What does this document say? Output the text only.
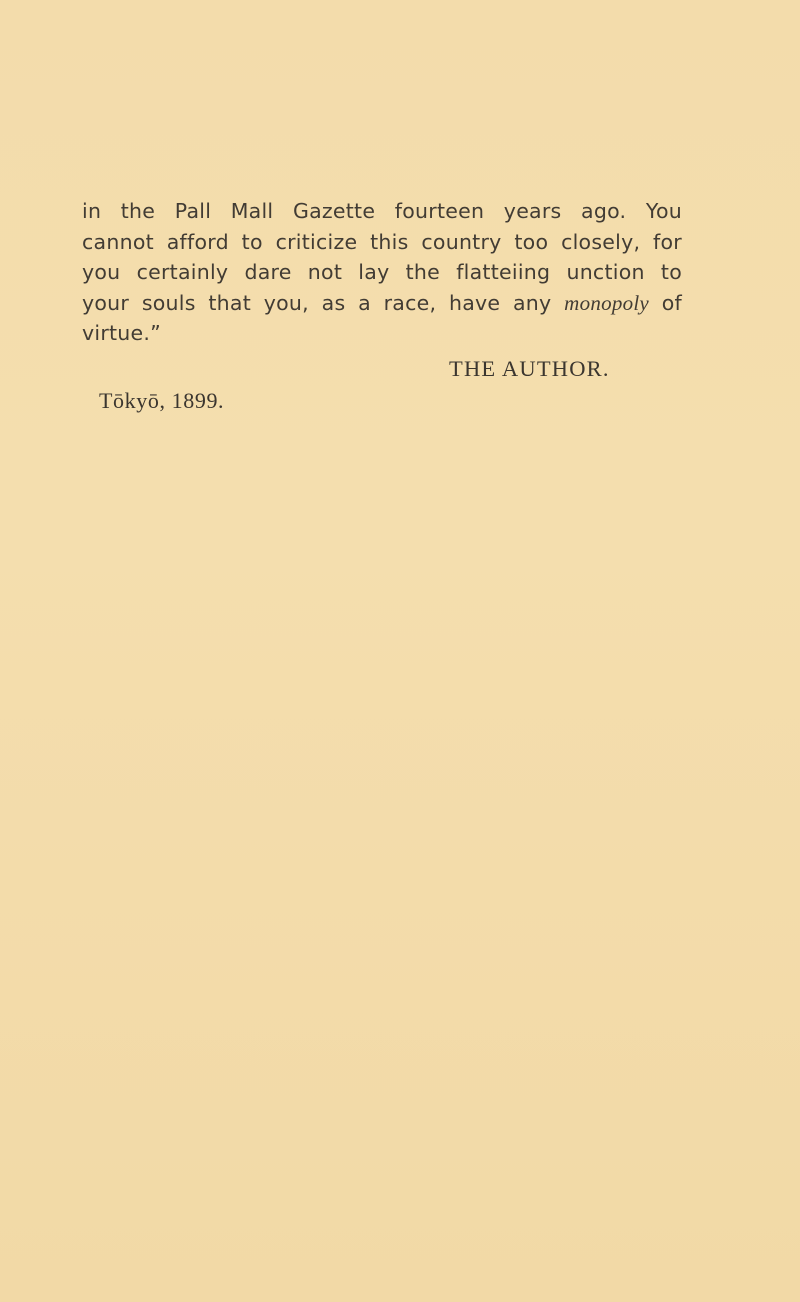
in the Pall Mall Gazette fourteen years ago. You
cannot afford to criticize this country too closely, for
you certainly dare not lay the flatteiing unction to
your souls that you, as a race, have any monopoly of
virtue.”
THE AUTHOR.
Tōkyō, 1899.
